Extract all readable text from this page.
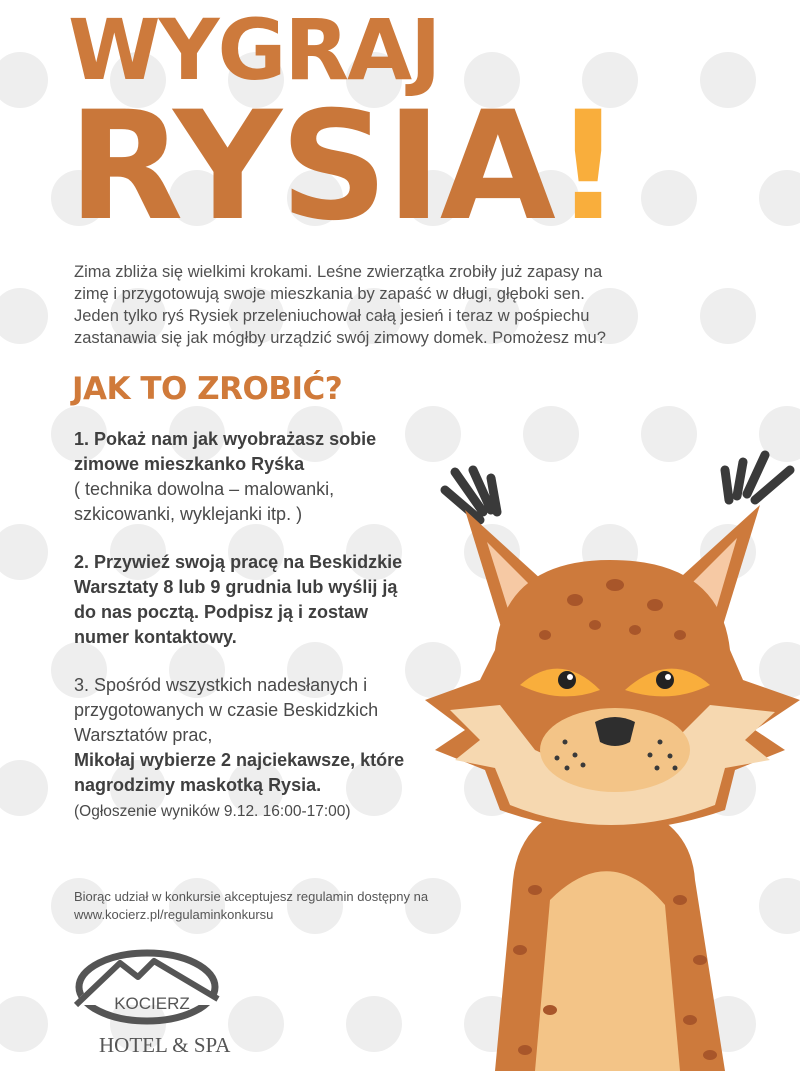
WYGRAJ
RYSIA!
Zima zbliża się wielkimi krokami. Leśne zwierzątka zrobiły już zapasy na zimę i przygotowują swoje mieszkania by zapaść w długi, głęboki sen. Jeden tylko ryś Rysiek przeleniuchował całą jesień i teraz w pośpiechu zastanawia się jak mógłby urządzić swój zimowy domek. Pomożesz mu?
JAK TO ZROBIĆ?
1. Pokaż nam jak wyobrażasz sobie zimowe mieszkanko Ryśka
( technika dowolna – malowanki, szkicowanki, wyklejanki itp. )
2. Przywieź swoją pracę na Beskidzkie Warsztaty 8 lub 9 grudnia lub wyślij ją do nas pocztą. Podpisz ją i zostaw numer kontaktowy.
3. Spośród wszystkich nadesłanych i przygotowanych w czasie Beskidzkich Warsztatów prac,
Mikołaj wybierze 2 najciekawsze, które nagrodzimy maskotką Rysia.
(Ogłoszenie wyników 9.12. 16:00-17:00)
Biorąc udział w konkursie akceptujesz regulamin dostępny na www.kocierz.pl/regulaminkonkursu
KOCIERZ
HOTEL & SPA
